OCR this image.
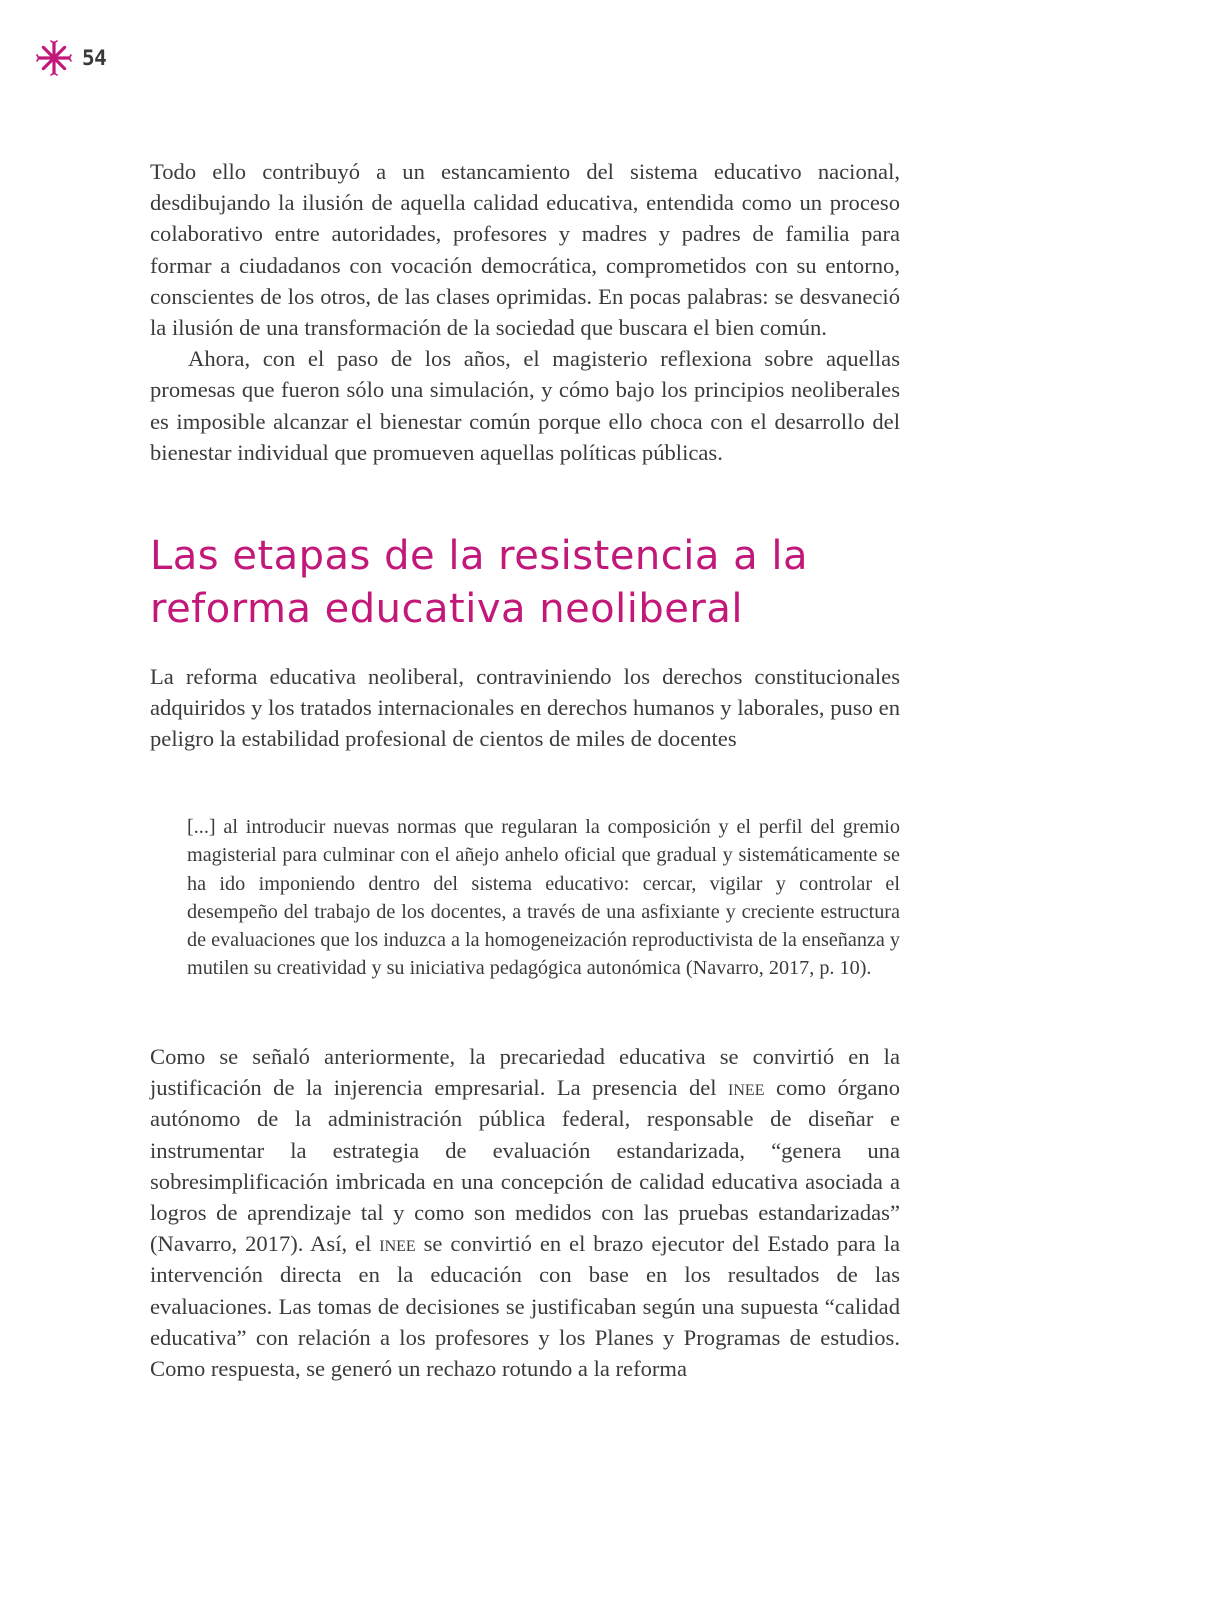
54

Todo ello contribuyó a un estancamiento del sistema educativo nacional, desdibujando la ilusión de aquella calidad educativa, entendida como un proceso colaborativo entre autoridades, profesores y madres y padres de familia para formar a ciudadanos con vocación democrática, comprometidos con su entorno, conscientes de los otros, de las clases oprimidas. En pocas palabras: se desvaneció la ilusión de una transformación de la sociedad que buscara el bien común.

Ahora, con el paso de los años, el magisterio reflexiona sobre aquellas promesas que fueron sólo una simulación, y cómo bajo los principios neoliberales es imposible alcanzar el bienestar común porque ello choca con el desarrollo del bienestar individual que promueven aquellas políticas públicas.

Las etapas de la resistencia a la reforma educativa neoliberal

La reforma educativa neoliberal, contraviniendo los derechos constitucionales adquiridos y los tratados internacionales en derechos humanos y laborales, puso en peligro la estabilidad profesional de cientos de miles de docentes

[...] al introducir nuevas normas que regularan la composición y el perfil del gremio magisterial para culminar con el añejo anhelo oficial que gradual y sistemáticamente se ha ido imponiendo dentro del sistema educativo: cercar, vigilar y controlar el desempeño del trabajo de los docentes, a través de una asfixiante y creciente estructura de evaluaciones que los induzca a la homogeneización reproductivista de la enseñanza y mutilen su creatividad y su iniciativa pedagógica autonómica (Navarro, 2017, p. 10).

Como se señaló anteriormente, la precariedad educativa se convirtió en la justificación de la injerencia empresarial. La presencia del inee como órgano autónomo de la administración pública federal, responsable de diseñar e instrumentar la estrategia de evaluación estandarizada, “genera una sobresimplificación imbricada en una concepción de calidad educativa asociada a logros de aprendizaje tal y como son medidos con las pruebas estandarizadas” (Navarro, 2017). Así, el inee se convirtió en el brazo ejecutor del Estado para la intervención directa en la educación con base en los resultados de las evaluaciones. Las tomas de decisiones se justificaban según una supuesta “calidad educativa” con relación a los profesores y los Planes y Programas de estudios. Como respuesta, se generó un rechazo rotundo a la reforma
